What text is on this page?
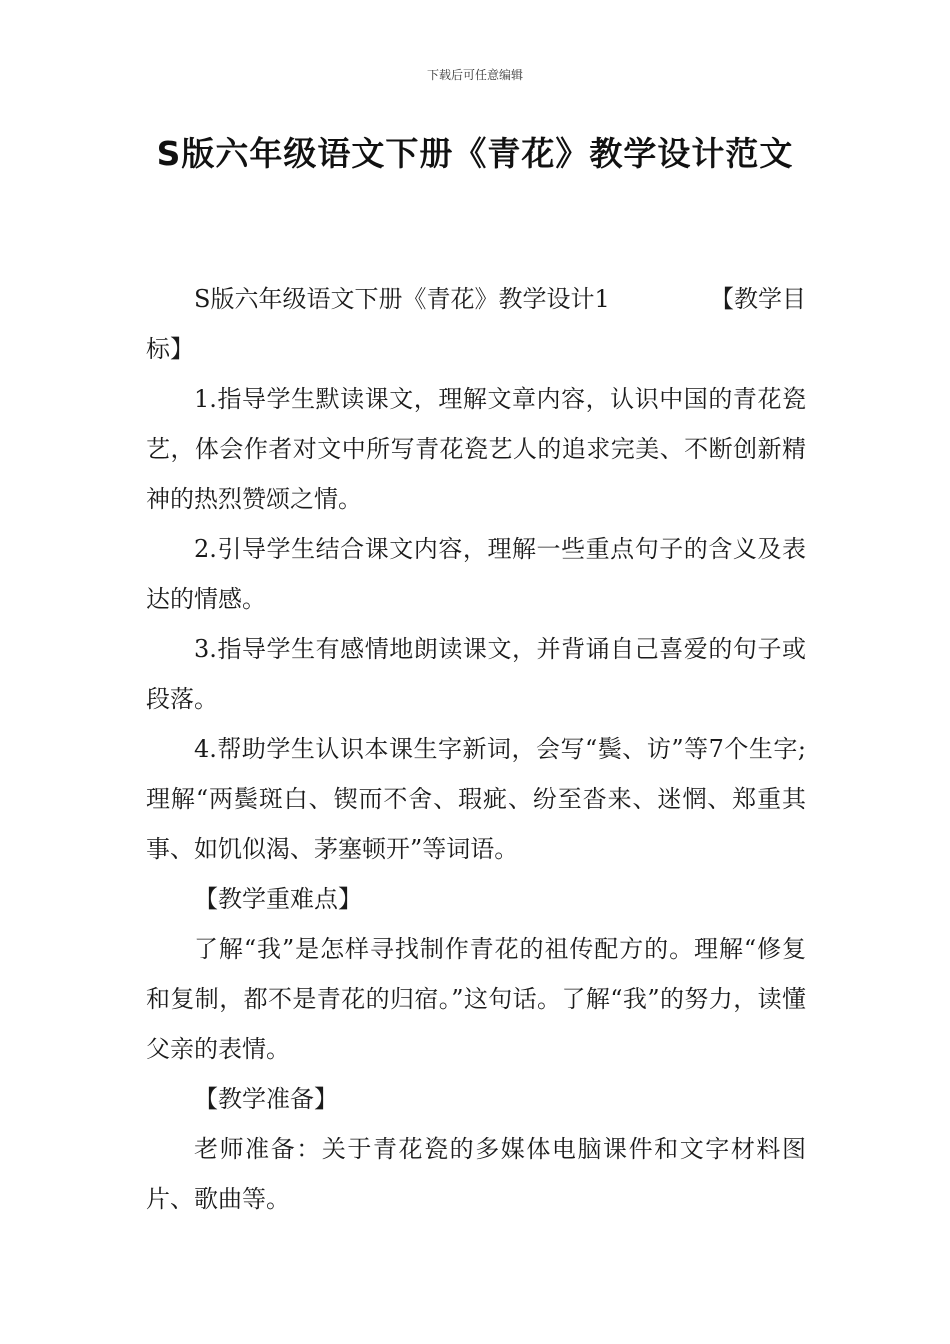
下载后可任意编辑
S版六年级语文下册《青花》教学设计范文
S版六年级语文下册《青花》教学设计1	【教学目

标】

1.指导学生默读课文，理解文章内容，认识中国的青花瓷艺，体会作者对文中所写青花瓷艺人的追求完美、不断创新精神的热烈赞颂之情。

2.引导学生结合课文内容，理解一些重点句子的含义及表达的情感。

3.指导学生有感情地朗读课文，并背诵自己喜爱的句子或段落。

4.帮助学生认识本课生字新词，会写“鬓、访”等7个生字;理解“两鬓斑白、锲而不舍、瑕疵、纷至沓来、迷惘、郑重其事、如饥似渴、茅塞顿开”等词语。

【教学重难点】

了解“我”是怎样寻找制作青花的祖传配方的。理解“修复和复制，都不是青花的归宿。”这句话。了解“我”的努力，读懂父亲的表情。

【教学准备】

老师准备：关于青花瓷的多媒体电脑课件和文字材料图片、歌曲等。
